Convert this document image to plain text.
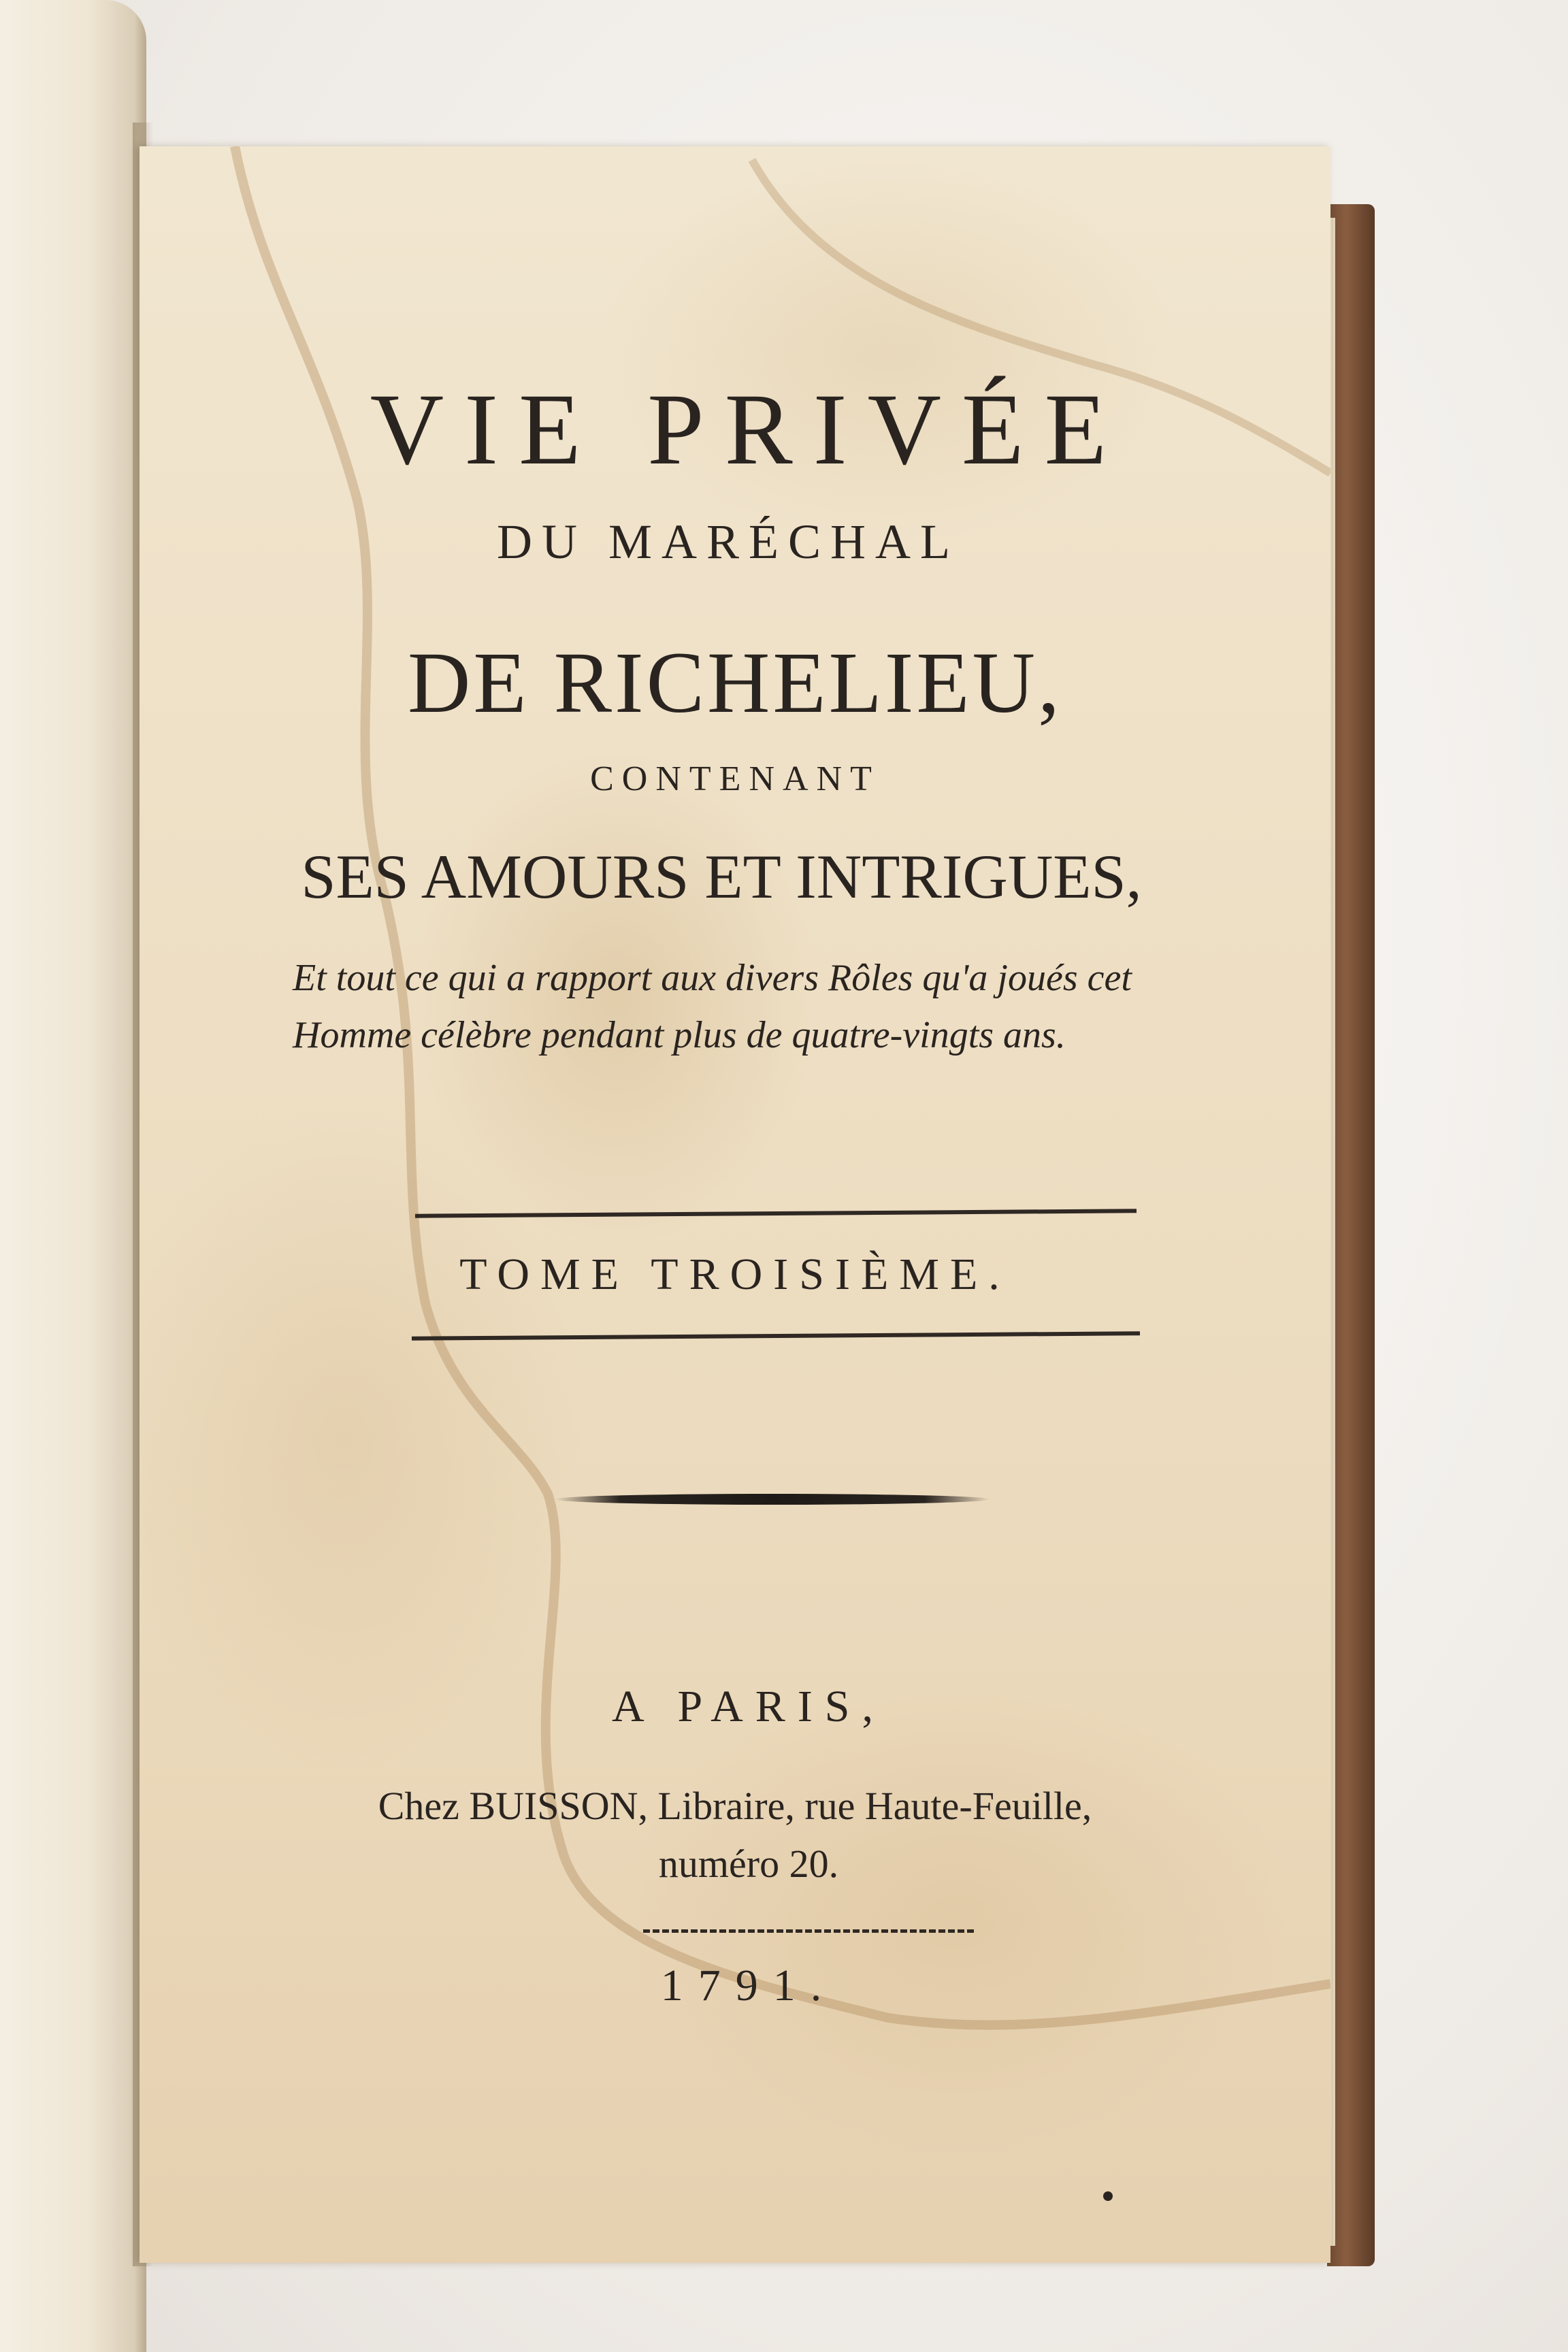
VIE PRIVÉE
DU MARÉCHAL
DE RICHELIEU,
CONTENANT
SES AMOURS ET INTRIGUES,
Et tout ce qui a rapport aux divers Rôles qu'a joués cet Homme célèbre pendant plus de quatre-vingts ans.
TOME TROISIÈME.
A PARIS,
Chez BUISSON, Libraire, rue Haute-Feuille,
numéro 20.
1791.
